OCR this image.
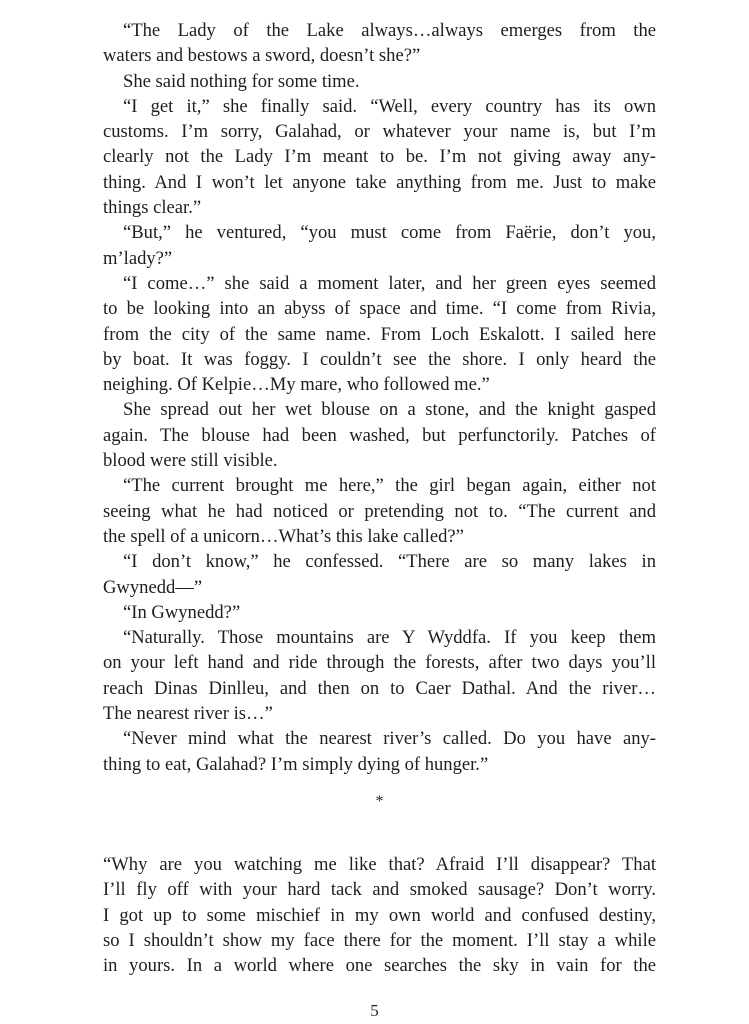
“The Lady of the Lake always…always emerges from the
waters and bestows a sword, doesn’t she?”
She said nothing for some time.
“I get it,” she finally said. “Well, every country has its own
customs. I’m sorry, Galahad, or whatever your name is, but I’m
clearly not the Lady I’m meant to be. I’m not giving away any-
thing. And I won’t let anyone take anything from me. Just to make
things clear.”
“But,” he ventured, “you must come from Faërie, don’t you,
m’lady?”
“I come…” she said a moment later, and her green eyes seemed
to be looking into an abyss of space and time. “I come from Rivia,
from the city of the same name. From Loch Eskalott. I sailed here
by boat. It was foggy. I couldn’t see the shore. I only heard the
neighing. Of Kelpie…My mare, who followed me.”
She spread out her wet blouse on a stone, and the knight gasped
again. The blouse had been washed, but perfunctorily. Patches of
blood were still visible.
“The current brought me here,” the girl began again, either not
seeing what he had noticed or pretending not to. “The current and
the spell of a unicorn…What’s this lake called?”
“I don’t know,” he confessed. “There are so many lakes in
Gwynedd—”
“In Gwynedd?”
“Naturally. Those mountains are Y Wyddfa. If you keep them
on your left hand and ride through the forests, after two days you’ll
reach Dinas Dinlleu, and then on to Caer Dathal. And the river…
The nearest river is…”
“Never mind what the nearest river’s called. Do you have any-
thing to eat, Galahad? I’m simply dying of hunger.”
*
“Why are you watching me like that? Afraid I’ll disappear? That
I’ll fly off with your hard tack and smoked sausage? Don’t worry.
I got up to some mischief in my own world and confused destiny,
so I shouldn’t show my face there for the moment. I’ll stay a while
in yours. In a world where one searches the sky in vain for the
5
